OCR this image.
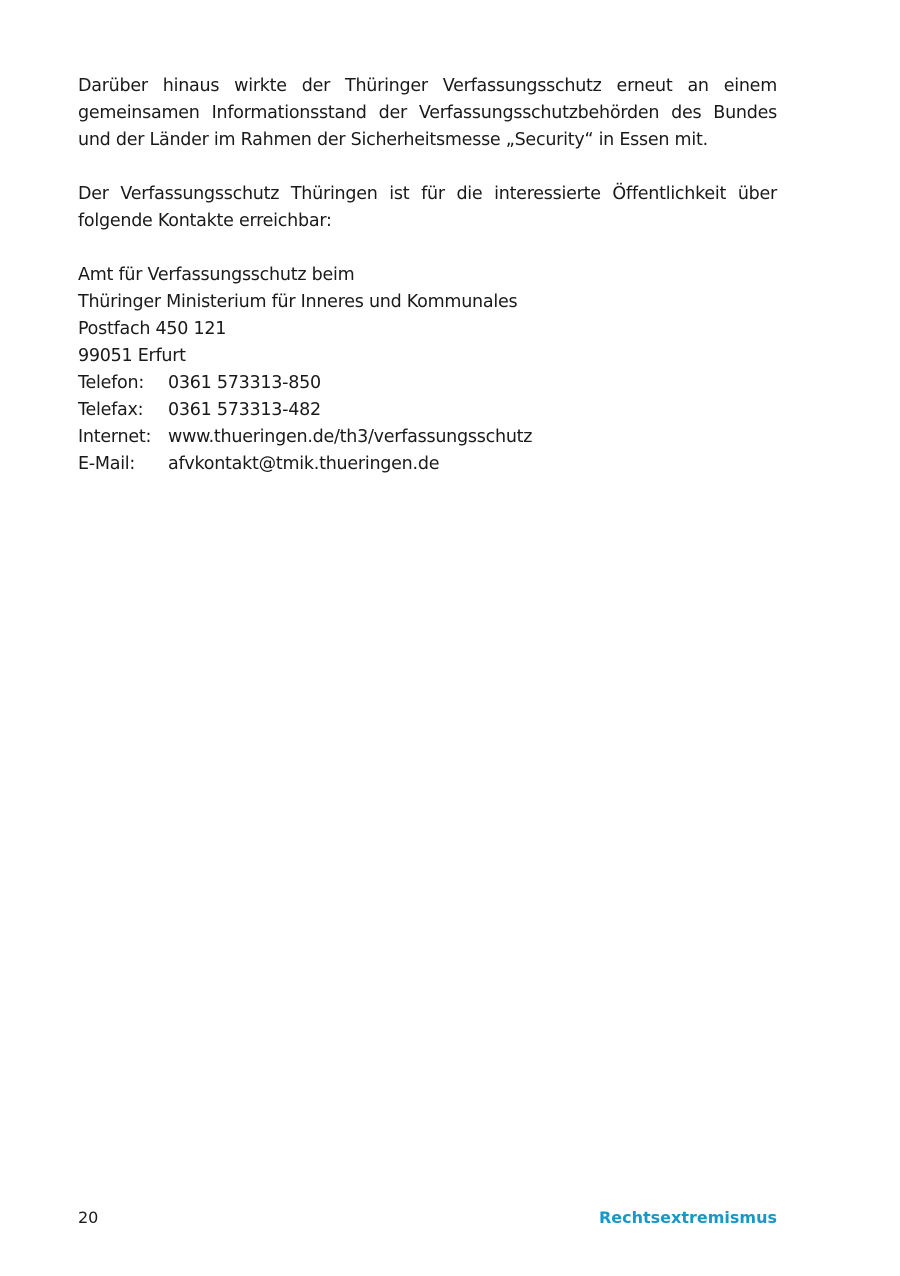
Darüber hinaus wirkte der Thüringer Verfassungsschutz erneut an einem gemeinsamen Informationsstand der Verfassungsschutzbehörden des Bundes und der Länder im Rahmen der Sicherheitsmesse „Security“ in Essen mit.

Der Verfassungsschutz Thüringen ist für die interessierte Öffentlichkeit über folgende Kontakte erreichbar:

Amt für Verfassungsschutz beim
Thüringer Ministerium für Inneres und Kommunales
Postfach 450 121
99051 Erfurt
Telefon:	0361 573313-850
Telefax:	0361 573313-482
Internet: www.thueringen.de/th3/verfassungsschutz
E-Mail:	afvkontakt@tmik.thueringen.de
20	Rechtsextremismus
